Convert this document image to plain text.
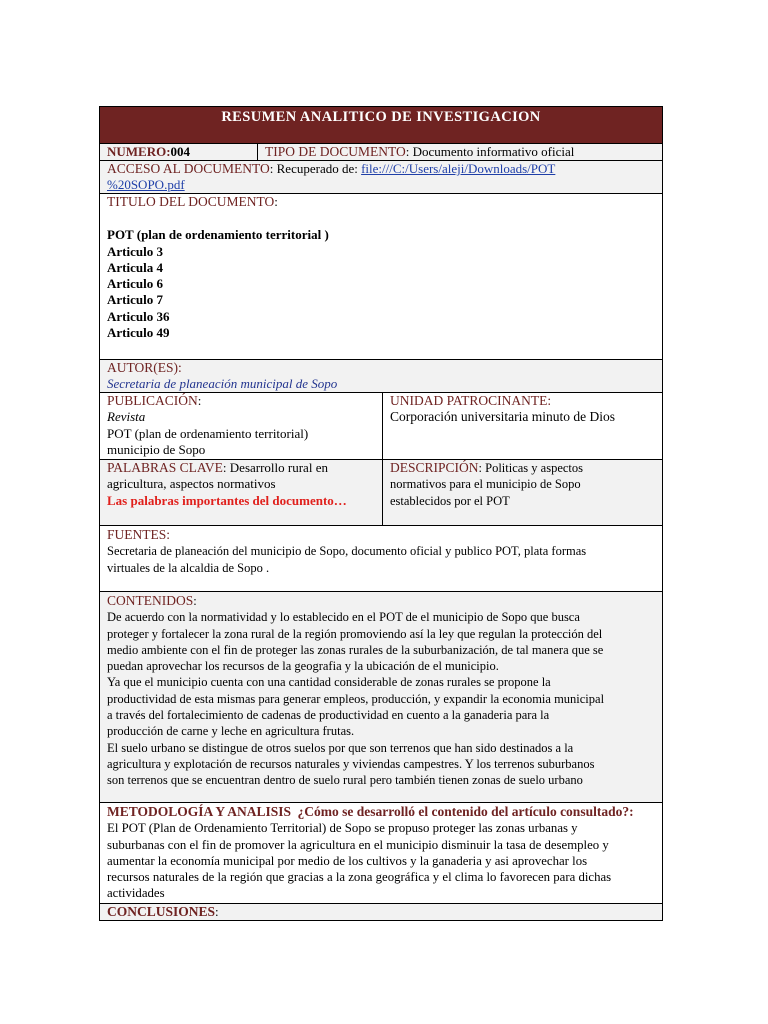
RESUMEN ANALITICO DE INVESTIGACION
NUMERO:004	TIPO DE DOCUMENTO: Documento informativo oficial
ACCESO AL DOCUMENTO: Recuperado de: file:///C:/Users/aleji/Downloads/POT
%20SOPO.pdf
TITULO DEL DOCUMENTO:
POT (plan de ordenamiento territorial )
Articulo 3
Articula 4
Articulo 6
Articulo 7
Articulo 36
Articulo 49
AUTOR(ES):
Secretaria de planeación municipal de Sopo
PUBLICACIÓN:
Revista
POT (plan de ordenamiento territorial)
municipio de Sopo
UNIDAD PATROCINANTE:
Corporación universitaria minuto de Dios
PALABRAS CLAVE: Desarrollo rural en
agricultura, aspectos normativos
Las palabras importantes del documento…
DESCRIPCIÓN: Politicas y aspectos
normativos para el municipio de Sopo
establecidos por el POT
FUENTES:
Secretaria de planeación del municipio de Sopo, documento oficial y publico POT, plata formas
virtuales de la alcaldia de Sopo .
CONTENIDOS:
De acuerdo con la normatividad y lo establecido en el POT de el municipio de Sopo que busca
proteger y fortalecer la zona rural de la región promoviendo así la ley que regulan la protección del
medio ambiente con el fin de proteger las zonas rurales de la suburbanización, de tal manera que se
puedan aprovechar los recursos de la geografia y la ubicación de el municipio.
Ya que el municipio cuenta con una cantidad considerable de zonas rurales se propone la
productividad de esta mismas para generar empleos, producción, y expandir la economia municipal
a través del fortalecimiento de cadenas de productividad en cuento a la ganaderia para la
producción de carne y leche en agricultura frutas.
El suelo urbano se distingue de otros suelos por que son terrenos que han sido destinados a la
agricultura y explotación de recursos naturales y viviendas campestres. Y los terrenos suburbanos
son terrenos que se encuentran dentro de suelo rural pero también tienen zonas de suelo urbano
METODOLOGÍA Y ANALISIS ¿Cómo se desarrolló el contenido del artículo consultado?:
El POT (Plan de Ordenamiento Territorial) de Sopo se propuso proteger las zonas urbanas y
suburbanas con el fin de promover la agricultura en el municipio disminuir la tasa de desempleo y
aumentar la economía municipal por medio de los cultivos y la ganaderia y asi aprovechar los
recursos naturales de la región que gracias a la zona geográfica y el clima lo favorecen para dichas
actividades
CONCLUSIONES:
